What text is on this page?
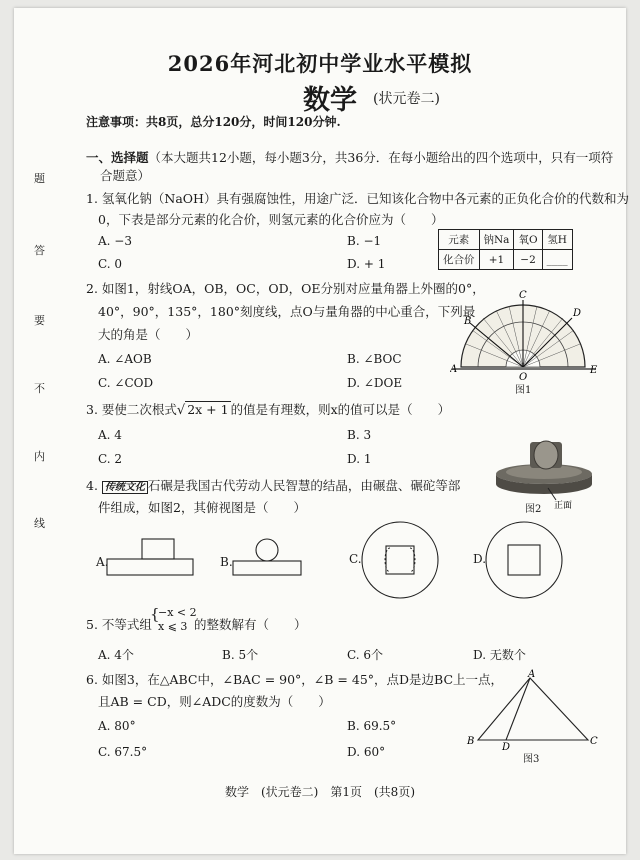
题
答
要
不
内
线
2026年河北初中学业水平模拟
数学 (状元卷二)
注意事项：共8页，总分120分，时间120分钟.
一、选择题（本大题共12小题，每小题3分，共36分．在每小题给出的四个选项中，只有一项符
合题意）
1. 氢氧化钠（NaOH）具有强腐蚀性，用途广泛．已知该化合物中各元素的正负化合价的代数和为
0，下表是部分元素的化合价，则氢元素的化合价应为（　　）
A. −3	B. −1
C. 0	D. + 1
元素	钠Na	氧O	氢H
化合价	+1	−2	____
2. 如图1，射线OA，OB，OC，OD，OE分别对应量角器上外圈的0°，
40°，90°，135°，180°刻度线，点O与量角器的中心重合，下列最
大的角是（　　）
A. ∠AOB	B. ∠BOC
C. ∠COD	D. ∠DOE
A
B
C
D
E
O
图1
3. 要使二次根式√ 2x + 1 的值是有理数，则x的值可以是（　　）
A. 4	B. 3
C. 2	D. 1
4. 传统文化 石碾是我国古代劳动人民智慧的结晶，由碾盘、碾砣等部
件组成，如图2，其俯视图是（　　）	正面
图2
A.	B.	C.	D.
5. 不等式组
{
−x < 2
x ⩽ 3 的整数解有（　　）
A. 4个	B. 5个	C. 6个	D. 无数个
6. 如图3，在△ABC中，∠BAC = 90°，∠B = 45°，点D是边BC上一点，
且AB = CD，则∠ADC的度数为（　　）
A. 80°	B. 69.5°
C. 67.5°	D. 60°
A
B	C
D
图3
数学　(状元卷二)　第1页　(共8页)
